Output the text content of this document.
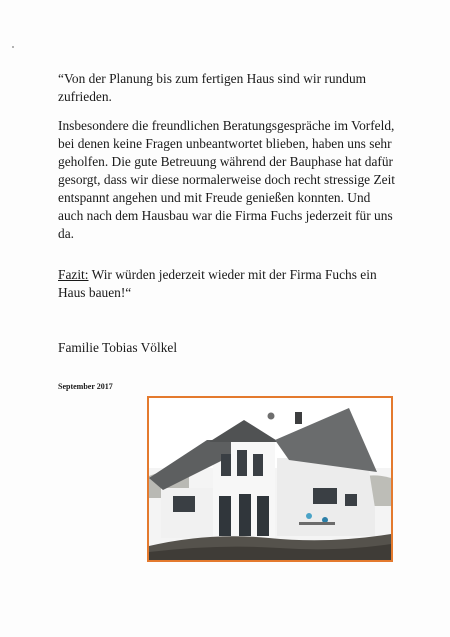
“Von der Planung bis zum fertigen Haus sind wir rundum zufrieden.
Insbesondere die freundlichen Beratungsgespräche im Vorfeld, bei denen keine Fragen unbeantwortet blieben, haben uns sehr geholfen. Die gute Betreuung während der Bauphase hat dafür gesorgt, dass wir diese normalerweise doch recht stressige Zeit entspannt angehen und mit Freude genießen konnten. Und auch nach dem Hausbau war die Firma Fuchs jederzeit für uns da.
Fazit: Wir würden jederzeit wieder mit der Firma Fuchs ein Haus bauen!“
Familie Tobias Völkel
September 2017
